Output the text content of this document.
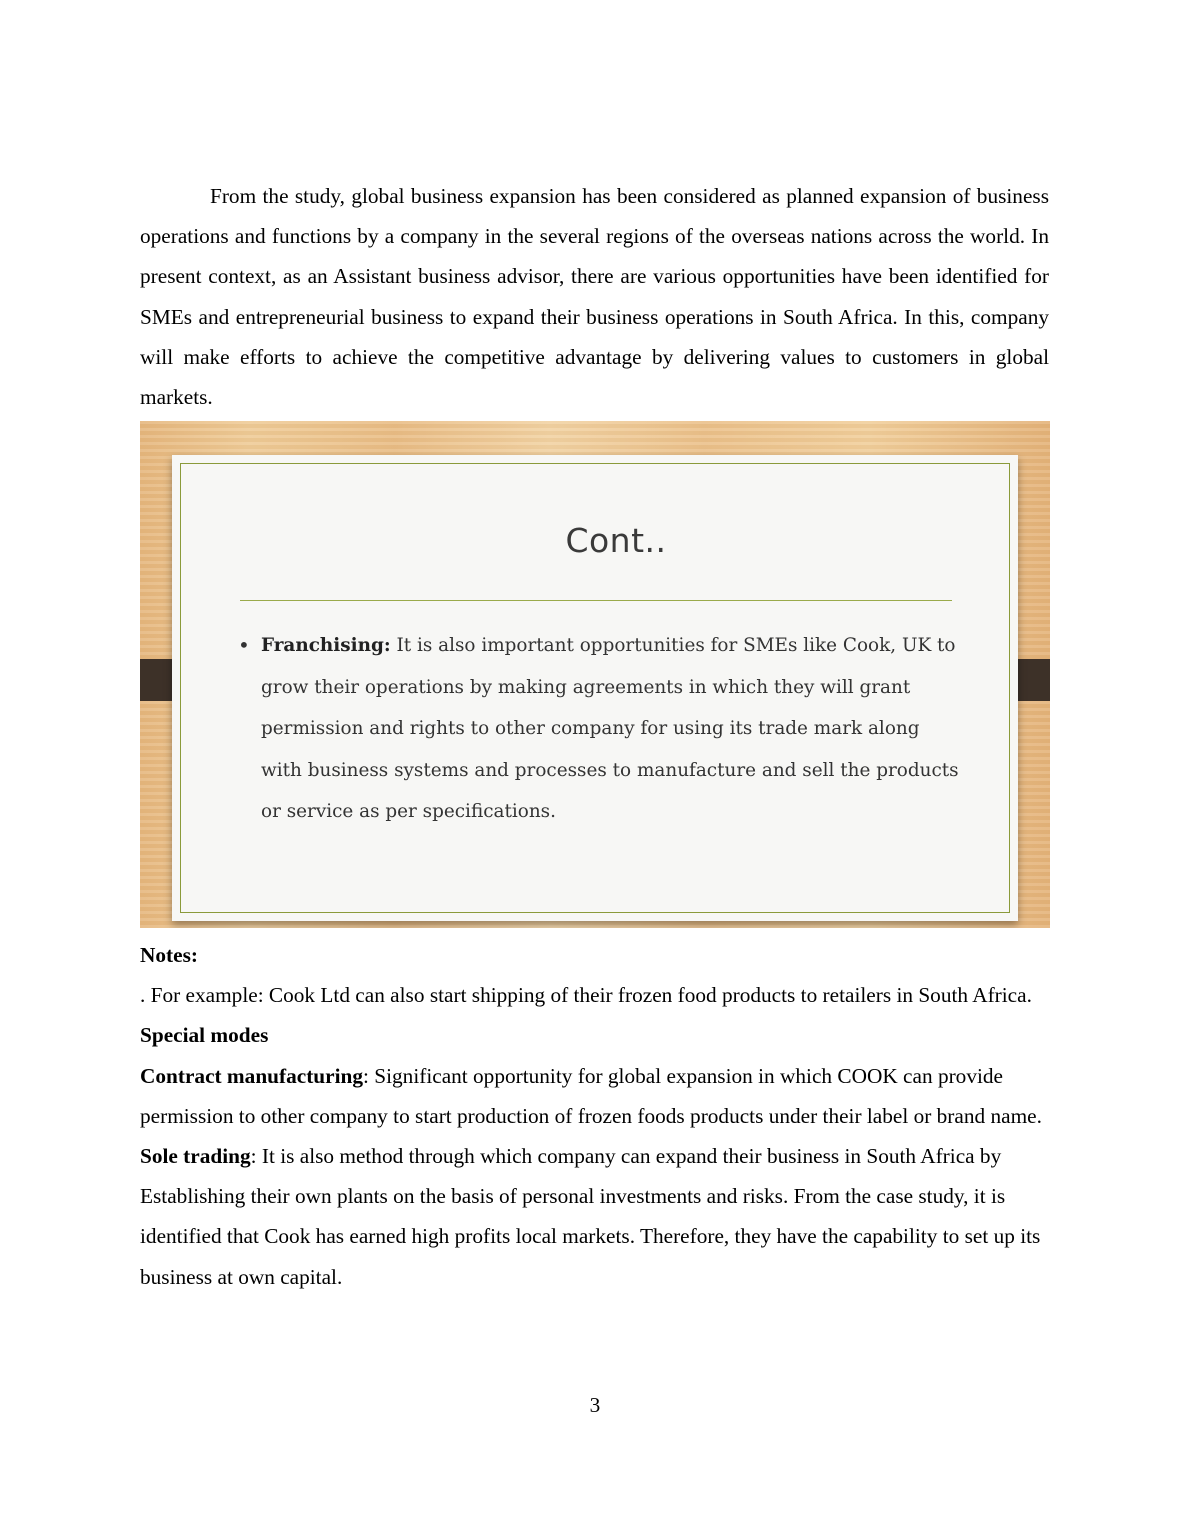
From the study, global business expansion has been considered as planned expansion of business operations and functions by a company in the several regions of the overseas nations across the world. In present context, as an Assistant business advisor, there are various opportunities have been identified for SMEs and entrepreneurial business to expand their business operations in South Africa. In this, company will make efforts to achieve the competitive advantage by delivering values to customers in global markets.

Cont..
• Franchising: It is also important opportunities for SMEs like Cook, UK to grow their operations by making agreements in which they will grant permission and rights to other company for using its trade mark along with business systems and processes to manufacture and sell the products or service as per specifications.

Notes:

. For example: Cook Ltd can also start shipping of their frozen food products to retailers in South Africa.

Special modes

Contract manufacturing: Significant opportunity for global expansion in which COOK can provide permission to other company to start production of frozen foods products under their label or brand name.

Sole trading: It is also method through which company can expand their business in South Africa by Establishing their own plants on the basis of personal investments and risks. From the case study, it is identified that Cook has earned high profits local markets. Therefore, they have the capability to set up its business at own capital.

3
